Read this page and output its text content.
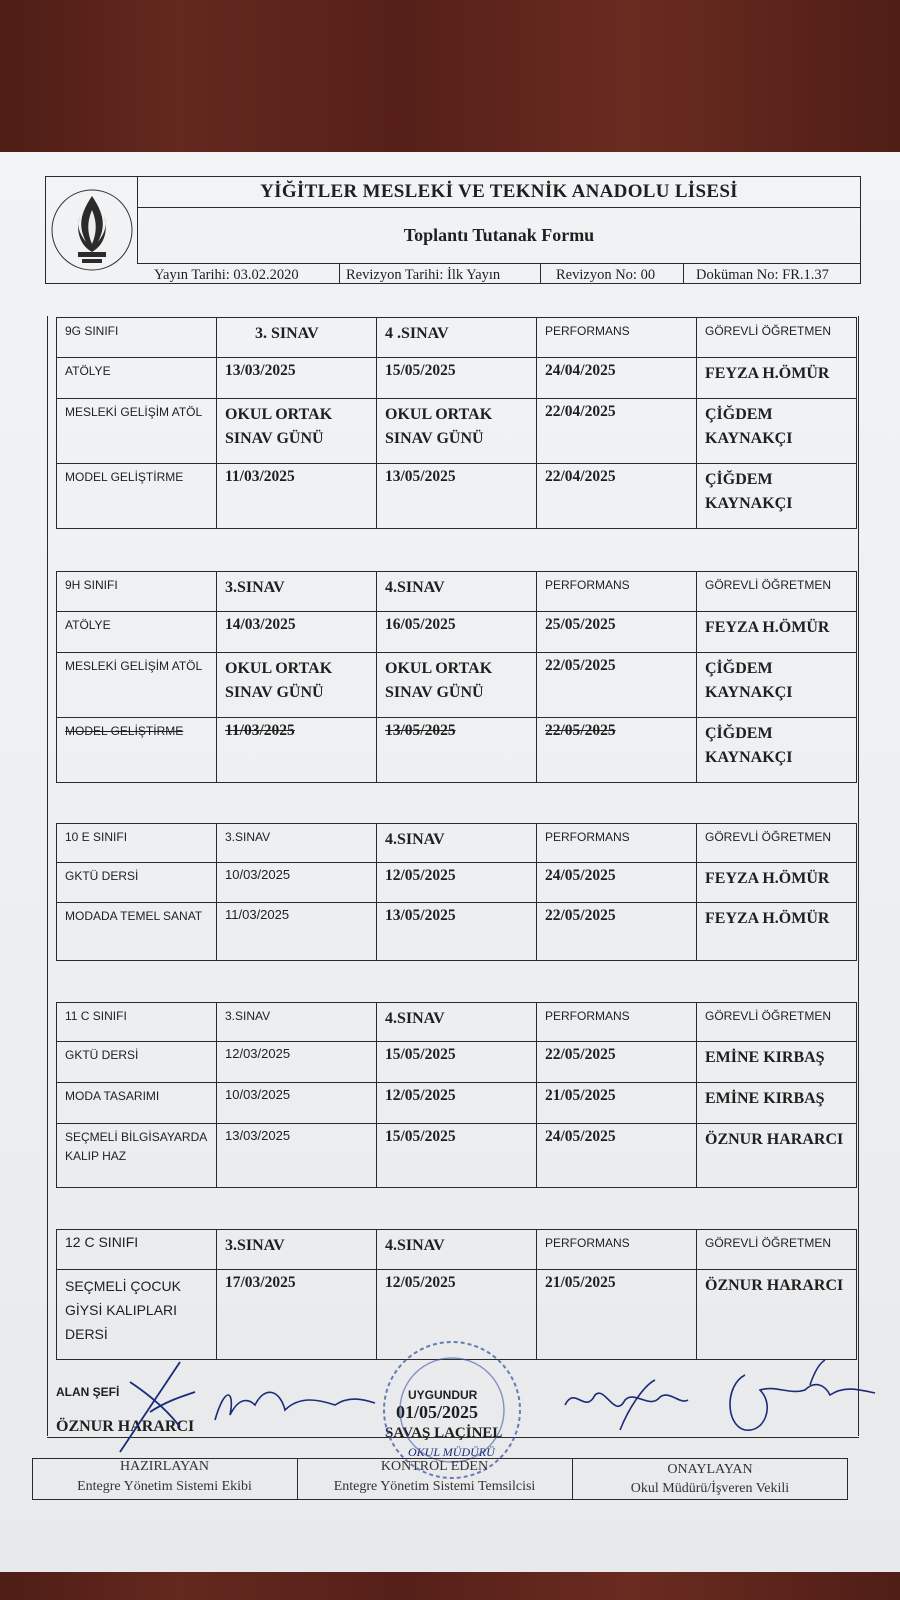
YİĞİTLER MESLEKİ VE TEKNİK ANADOLU LİSESİ
Toplantı Tutanak Formu
Yayın Tarihi: 03.02.2020	Revizyon Tarihi: İlk Yayın	Revizyon No: 00	Doküman No: FR.1.37
9G SINIFI	3. SINAV	4 .SINAV	PERFORMANS	GÖREVLİ ÖĞRETMEN
ATÖLYE	13/03/2025	15/05/2025	24/04/2025	FEYZA H.ÖMÜR
MESLEKİ GELİŞİM ATÖL	OKUL ORTAK SINAV GÜNÜ	OKUL ORTAK SINAV GÜNÜ	22/04/2025	ÇİĞDEM KAYNAKÇI
MODEL GELİŞTİRME	11/03/2025	13/05/2025	22/04/2025	ÇİĞDEM KAYNAKÇI
9H SINIFI	3.SINAV	4.SINAV	PERFORMANS	GÖREVLİ ÖĞRETMEN
ATÖLYE	14/03/2025	16/05/2025	25/05/2025	FEYZA H.ÖMÜR
MESLEKİ GELİŞİM ATÖL	OKUL ORTAK SINAV GÜNÜ	OKUL ORTAK SINAV GÜNÜ	22/05/2025	ÇİĞDEM KAYNAKÇI
MODEL GELİŞTİRME	11/03/2025	13/05/2025	22/05/2025	ÇİĞDEM KAYNAKÇI
10 E SINIFI	3.SINAV	4.SINAV	PERFORMANS	GÖREVLİ ÖĞRETMEN
GKTÜ DERSİ	10/03/2025	12/05/2025	24/05/2025	FEYZA H.ÖMÜR
MODADA TEMEL SANAT	11/03/2025	13/05/2025	22/05/2025	FEYZA H.ÖMÜR
11 C SINIFI	3.SINAV	4.SINAV	PERFORMANS	GÖREVLİ ÖĞRETMEN
GKTÜ DERSİ	12/03/2025	15/05/2025	22/05/2025	EMİNE KIRBAŞ
MODA TASARIMI	10/03/2025	12/05/2025	21/05/2025	EMİNE KIRBAŞ
SEÇMELİ BİLGİSAYARDA KALIP HAZ	13/03/2025	15/05/2025	24/05/2025	ÖZNUR HARARCI
12 C SINIFI	3.SINAV	4.SINAV	PERFORMANS	GÖREVLİ ÖĞRETMEN
SEÇMELİ ÇOCUK GİYSİ KALIPLARI DERSİ	17/03/2025	12/05/2025	21/05/2025	ÖZNUR HARARCI
ALAN ŞEFİ
ÖZNUR HARARCI
UYGUNDUR
01/05/2025
SAVAŞ LAÇİNEL
OKUL MÜDÜRÜ
HAZIRLAYAN
Entegre Yönetim Sistemi Ekibi
KONTROL EDEN
Entegre Yönetim Sistemi Temsilcisi
ONAYLAYAN
Okul Müdürü/İşveren Vekili
